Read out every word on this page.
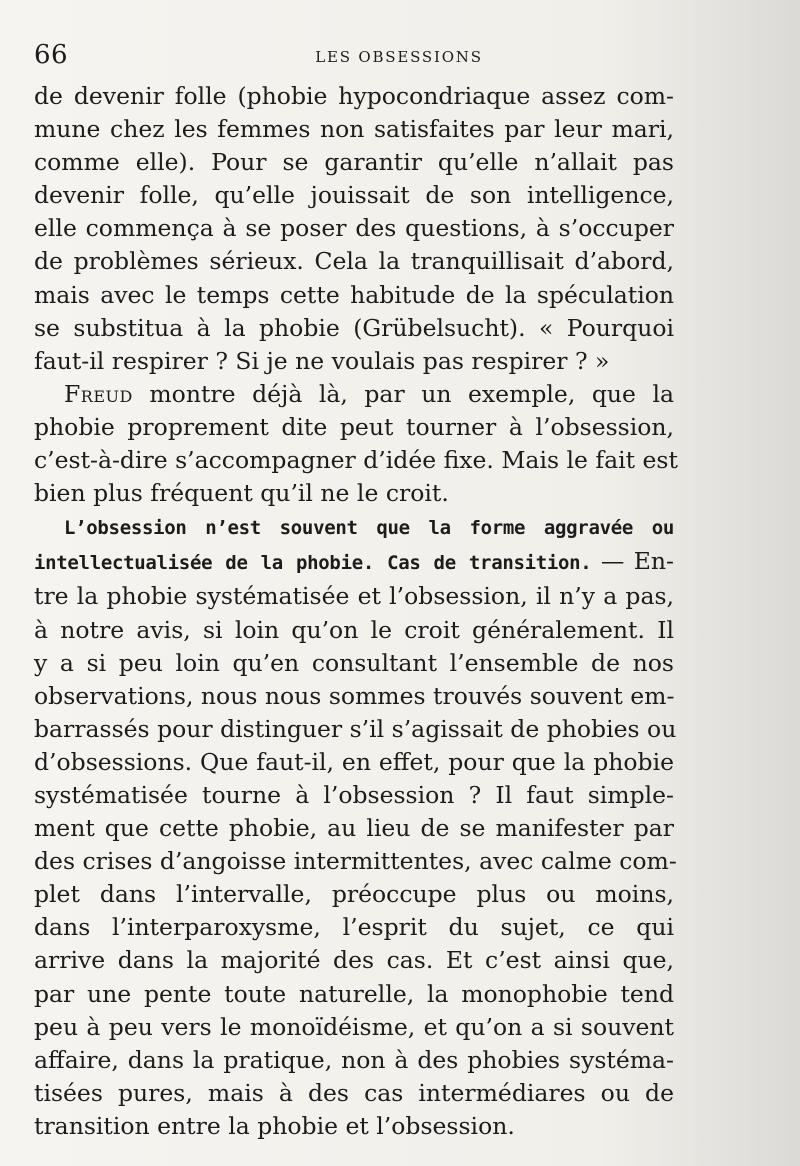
66	LES OBSESSIONS
de devenir folle (phobie hypocondriaque assez com-
mune chez les femmes non satisfaites par leur mari,
comme elle). Pour se garantir qu’elle n’allait pas
devenir folle, qu’elle jouissait de son intelligence,
elle commença à se poser des questions, à s’occuper
de problèmes sérieux. Cela la tranquillisait d’abord,
mais avec le temps cette habitude de la spéculation
se substitua à la phobie (Grübelsucht). « Pourquoi
faut-il respirer ? Si je ne voulais pas respirer ? »
Freud montre déjà là, par un exemple, que la
phobie proprement dite peut tourner à l’obsession,
c’est-à-dire s’accompagner d’idée fixe. Mais le fait est
bien plus fréquent qu’il ne le croit.
L’obsession n’est souvent que la forme aggravée ou
intellectualisée de la phobie. Cas de transition. — En-
tre la phobie systématisée et l’obsession, il n’y a pas,
à notre avis, si loin qu’on le croit généralement. Il
y a si peu loin qu’en consultant l’ensemble de nos
observations, nous nous sommes trouvés souvent em-
barrassés pour distinguer s’il s’agissait de phobies ou
d’obsessions. Que faut-il, en effet, pour que la phobie
systématisée tourne à l’obsession ? Il faut simple-
ment que cette phobie, au lieu de se manifester par
des crises d’angoisse intermittentes, avec calme com-
plet dans l’intervalle, préoccupe plus ou moins,
dans l’interparoxysme, l’esprit du sujet, ce qui
arrive dans la majorité des cas. Et c’est ainsi que,
par une pente toute naturelle, la monophobie tend
peu à peu vers le monoïdéisme, et qu’on a si souvent
affaire, dans la pratique, non à des phobies systéma-
tisées pures, mais à des cas intermédiares ou de
transition entre la phobie et l’obsession.
